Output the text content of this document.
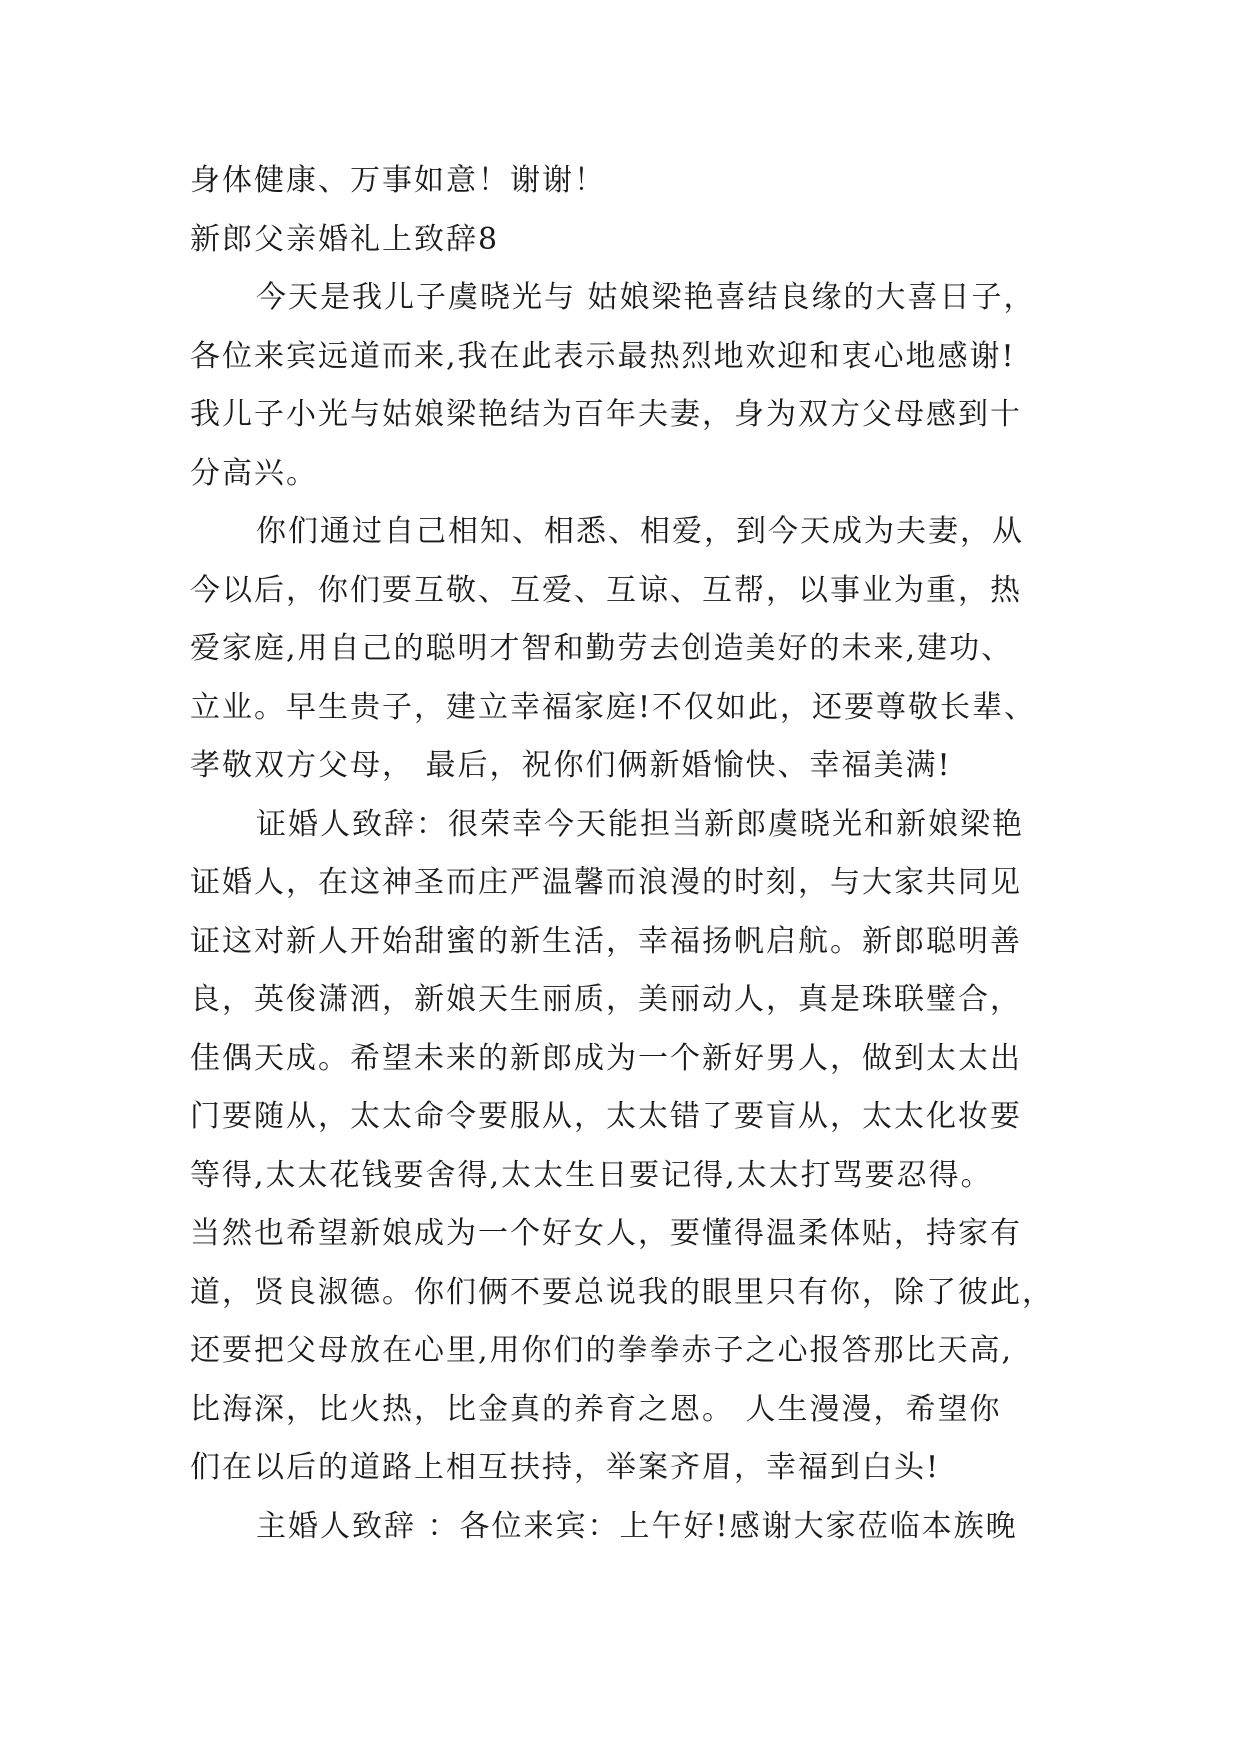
身体健康、万事如意！谢谢！
新郎父亲婚礼上致辞8
今天是我儿子虞晓光与 姑娘梁艳喜结良缘的大喜日子，
各位来宾远道而来,我在此表示最热烈地欢迎和衷心地感谢!
我儿子小光与姑娘梁艳结为百年夫妻，身为双方父母感到十
分高兴。
你们通过自己相知、相悉、相爱，到今天成为夫妻，从
今以后，你们要互敬、互爱、互谅、互帮，以事业为重，热
爱家庭,用自己的聪明才智和勤劳去创造美好的未来,建功、
立业。早生贵子，建立幸福家庭!不仅如此，还要尊敬长辈、
孝敬双方父母， 最后，祝你们俩新婚愉快、幸福美满!
证婚人致辞：很荣幸今天能担当新郎虞晓光和新娘梁艳
证婚人，在这神圣而庄严温馨而浪漫的时刻，与大家共同见
证这对新人开始甜蜜的新生活，幸福扬帆启航。新郎聪明善
良，英俊潇洒，新娘天生丽质，美丽动人，真是珠联璧合，
佳偶天成。希望未来的新郎成为一个新好男人，做到太太出
门要随从，太太命令要服从，太太错了要盲从，太太化妆要
等得,太太花钱要舍得,太太生日要记得,太太打骂要忍得。
当然也希望新娘成为一个好女人，要懂得温柔体贴，持家有
道，贤良淑德。你们俩不要总说我的眼里只有你，除了彼此，
还要把父母放在心里,用你们的拳拳赤子之心报答那比天高,
比海深，比火热，比金真的养育之恩。 人生漫漫，希望你
们在以后的道路上相互扶持，举案齐眉，幸福到白头!
主婚人致辞 ：各位来宾：上午好!感谢大家莅临本族晚
